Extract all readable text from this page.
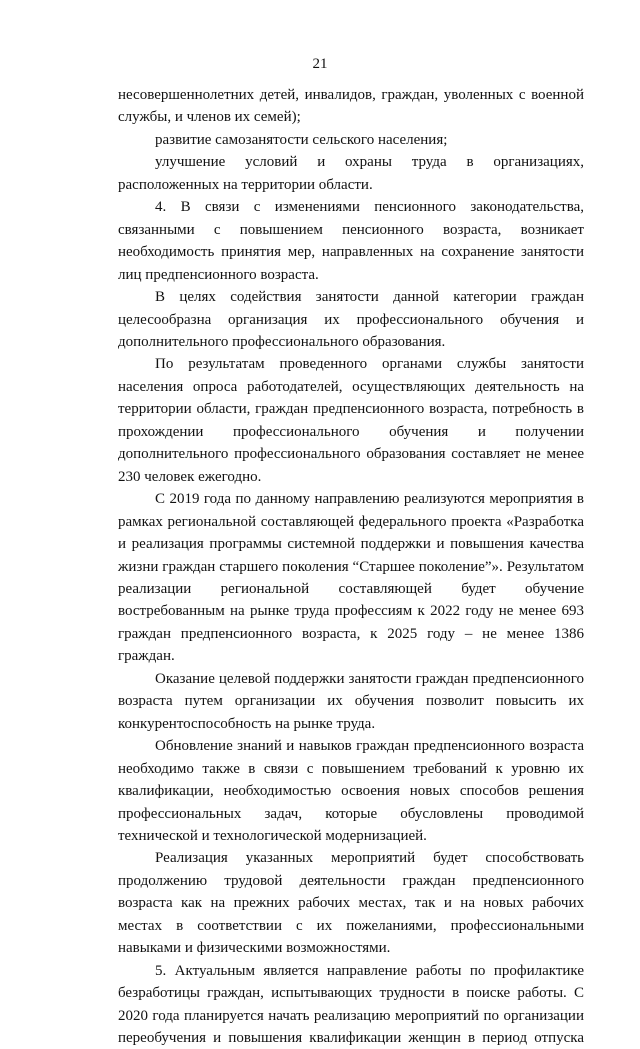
21

несовершеннолетних детей, инвалидов, граждан, уволенных с военной службы, и членов их семей);

развитие самозанятости сельского населения;

улучшение условий и охраны труда в организациях, расположенных на территории области.

4. В связи с изменениями пенсионного законодательства, связанными с повышением пенсионного возраста, возникает необходимость принятия мер, направленных на сохранение занятости лиц предпенсионного возраста.

В целях содействия занятости данной категории граждан целесообразна организация их профессионального обучения и дополнительного профессионального образования.

По результатам проведенного органами службы занятости населения опроса работодателей, осуществляющих деятельность на территории области, граждан предпенсионного возраста, потребность в прохождении профессионального обучения и получении дополнительного профессионального образования составляет не менее 230 человек ежегодно.

С 2019 года по данному направлению реализуются мероприятия в рамках региональной составляющей федерального проекта «Разработка и реализация программы системной поддержки и повышения качества жизни граждан старшего поколения “Старшее поколение”». Результатом реализации региональной составляющей будет обучение востребованным на рынке труда профессиям к 2022 году не менее 693 граждан предпенсионного возраста, к 2025 году – не менее 1386 граждан.

Оказание целевой поддержки занятости граждан предпенсионного возраста путем организации их обучения позволит повысить их конкурентоспособность на рынке труда.

Обновление знаний и навыков граждан предпенсионного возраста необходимо также в связи с повышением требований к уровню их квалификации, необходимостью освоения новых способов решения профессиональных задач, которые обусловлены проводимой технической и технологической модернизацией.

Реализация указанных мероприятий будет способствовать продолжению трудовой деятельности граждан предпенсионного возраста как на прежних рабочих местах, так и на новых рабочих местах в соответствии с их пожеланиями, профессиональными навыками и физическими возможностями.

5. Актуальным является направление работы по профилактике безработицы граждан, испытывающих трудности в поиске работы. С 2020 года планируется начать реализацию мероприятий по организации переобучения и повышения квалификации женщин в период отпуска
